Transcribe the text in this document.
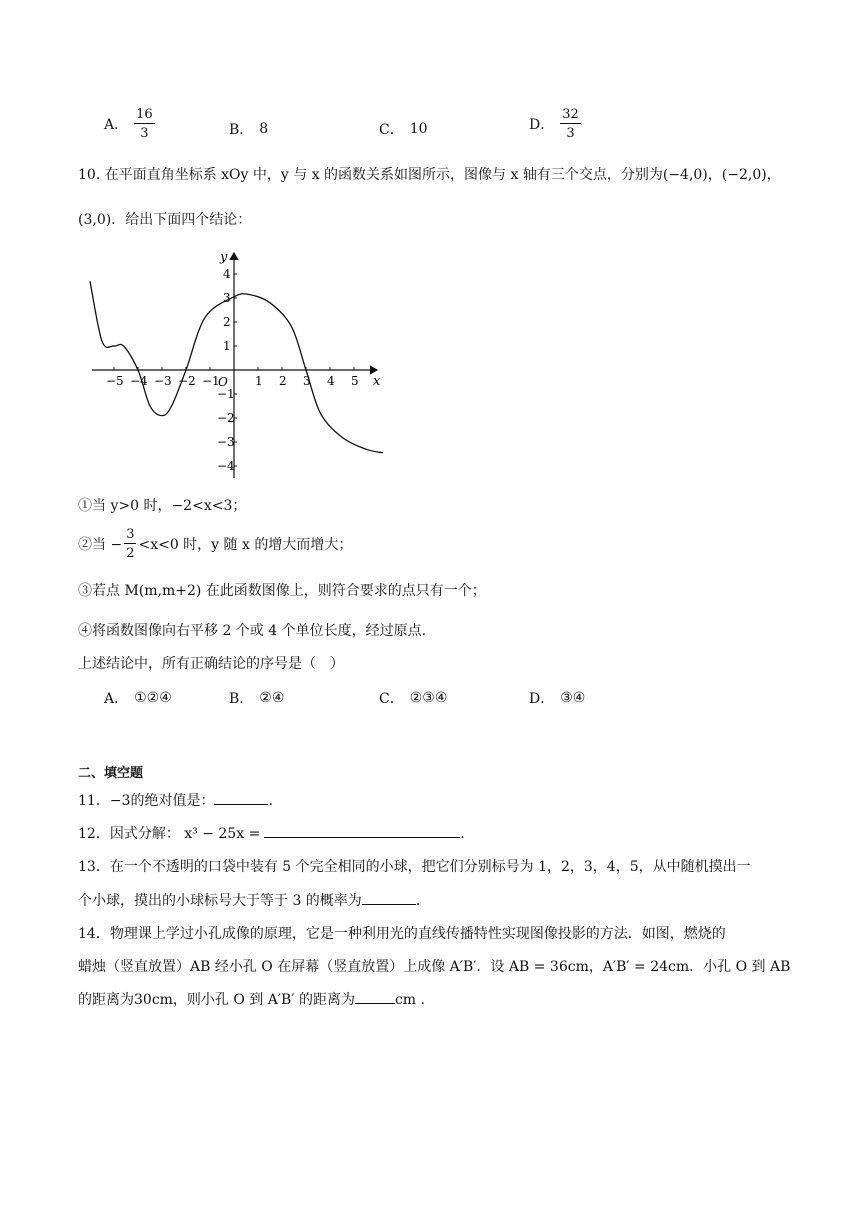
A． $\frac{16}{3}$	B． 8	C． 10	D． $\frac{32}{3}$
10. 在平面直角坐标系 xOy 中，y 与 x 的函数关系如图所示，图像与 x 轴有三个交点，分别为(−4,0)，(−2,0)，
(3,0)．给出下面四个结论：
x
y
O
−5 −4 −3 −2 −1	1 2 3 4 5
4
3
2
1
−1
−2
−3
−4
①当 y>0 时，−2<x<3；
②当 − $\frac{3}{2} <x<0$ 时，y 随 x 的增大而增大；
③若点 M(m,m+2) 在此函数图像上，则符合要求的点只有一个；
④将函数图像向右平移 2 个或 4 个单位长度，经过原点.
上述结论中，所有正确结论的序号是（　）
A． ①②④	B． ②④	C． ②③④	D． ③④
二、填空题
11．−3的绝对值是：	.
12．因式分解： x³ − 25x =	.
13．在一个不透明的口袋中装有 5 个完全相同的小球，把它们分别标号为 1，2，3，4，5，从中随机摸出一
个小球，摸出的小球标号大于等于 3 的概率为	.
14．物理课上学过小孔成像的原理，它是一种利用光的直线传播特性实现图像投影的方法．如图，燃烧的
蜡烛（竖直放置）AB 经小孔 O 在屏幕（竖直放置）上成像 A′B′．设 AB = 36cm，A′B′ = 24cm．小孔 O 到 AB
的距离为30cm，则小孔 O 到 A′B′ 的距离为	cm .
